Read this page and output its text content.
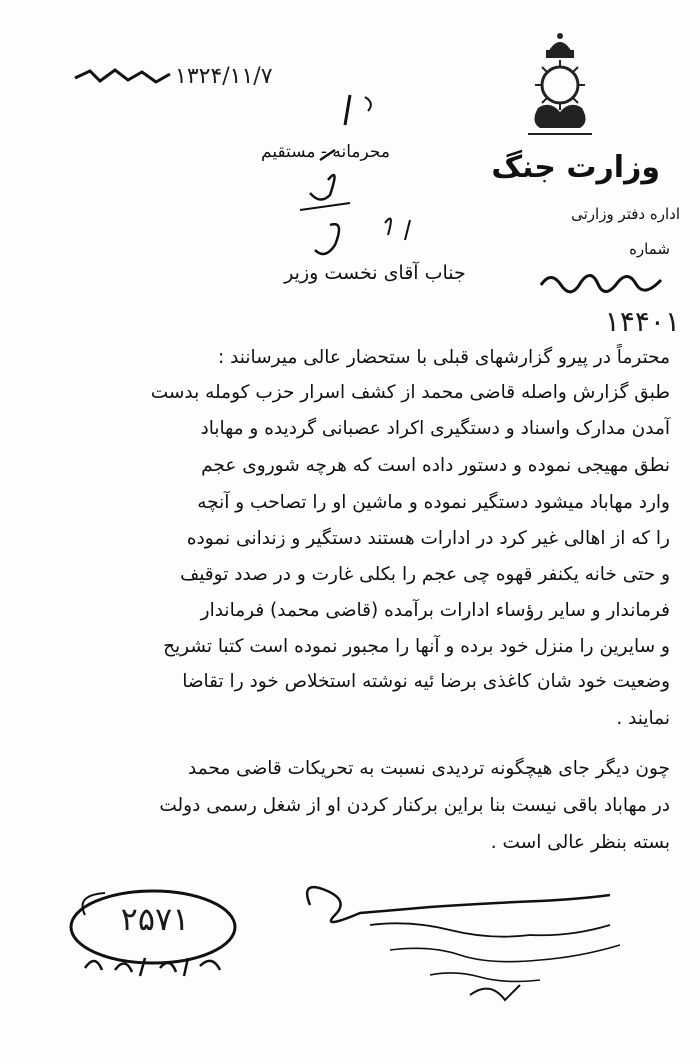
وزارت جنگ
اداره دفتر وزارتی
شماره
۱۴۴۰۱
۱۳۲۴/۱۱/۷
محرمانه - مستقیم
جناب آقای نخست وزیر
محترماً در پیرو گزارشهای قبلی با ستحضار عالی میرسانند :
طبق گزارش واصله قاضی محمد از کشف اسرار حزب کومله بدست
آمدن مدارک واسناد و دستگیری اکراد عصبانی گردیده و مهاباد
نطق مهیجی نموده و دستور داده است که هرچه شوروی عجم
وارد مهاباد میشود دستگیر نموده و ماشین او را تصاحب و آنچه
را که از اهالی غیر کرد در ادارات هستند دستگیر و زندانی نموده
و حتی خانه یکنفر قهوه چی عجم را بکلی غارت و در صدد توقیف
فرماندار و سایر رؤساء ادارات برآمده (قاضی محمد) فرماندار
و سایرین را منزل خود برده و آنها را مجبور نموده است کتبا تشریح
وضعیت خود شان کاغذی برضا ئیه نوشته استخلاص خود را تقاضا
نمایند .
چون دیگر جای هیچگونه تردیدی نسبت به تحریکات قاضی محمد
در مهاباد باقی نیست بنا براین برکنار کردن او از شغل رسمی دولت
بسته بنظر عالی است .
۲۵۷۱
